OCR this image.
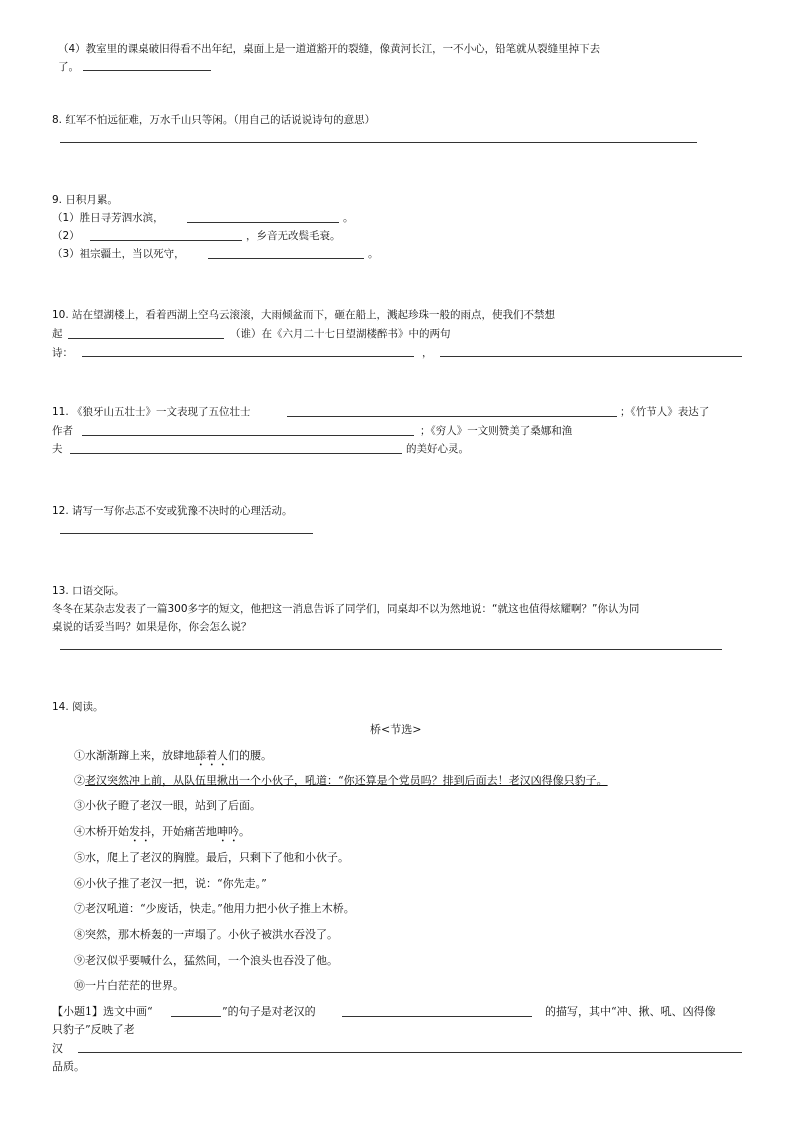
（4）教室里的课桌破旧得看不出年纪，桌面上是一道道豁开的裂缝，像黄河长江，一不小心，铅笔就从裂缝里掉下去
了。
8. 红军不怕远征难，万水千山只等闲。（用自己的话说说诗句的意思）
9. 日积月累。
（1）胜日寻芳泗水滨，	。
（2）	，乡音无改鬓毛衰。
（3）祖宗疆土，当以死守，	。
10. 站在望湖楼上，看着西湖上空乌云滚滚，大雨倾盆而下，砸在船上，溅起珍珠一般的雨点，使我们不禁想
起	（谁）在《六月二十七日望湖楼醉书》中的两句
诗：	，
11. 《狼牙山五壮士》一文表现了五位壮士	；《竹节人》表达了
作者	；《穷人》一文则赞美了桑娜和渔
夫	的美好心灵。
12. 请写一写你忐忑不安或犹豫不决时的心理活动。
13. 口语交际。
冬冬在某杂志发表了一篇300多字的短文，他把这一消息告诉了同学们，同桌却不以为然地说：“就这也值得炫耀啊？”你认为同
桌说的话妥当吗？如果是你，你会怎么说？
14. 阅读。
桥<节选>
①水渐渐蹿上来，放肆地舔着人们的腰。
②老汉突然冲上前，从队伍里揪出一个小伙子，吼道：“你还算是个党员吗？排到后面去！老汉凶得像只豹子。
③小伙子瞪了老汉一眼，站到了后面。
④木桥开始发抖，开始痛苦地呻吟。
⑤水，爬上了老汉的胸膛。最后，只剩下了他和小伙子。
⑥小伙子推了老汉一把，说：“你先走。”
⑦老汉吼道：“少废话，快走。”他用力把小伙子推上木桥。
⑧突然，那木桥轰的一声塌了。小伙子被洪水吞没了。
⑨老汉似乎要喊什么，猛然间，一个浪头也吞没了他。
⑩一片白茫茫的世界。
【小题1】选文中画“	”的句子是对老汉的	的描写，其中“冲、揪、吼、凶得像
只豹子”反映了老
汉
品质。
